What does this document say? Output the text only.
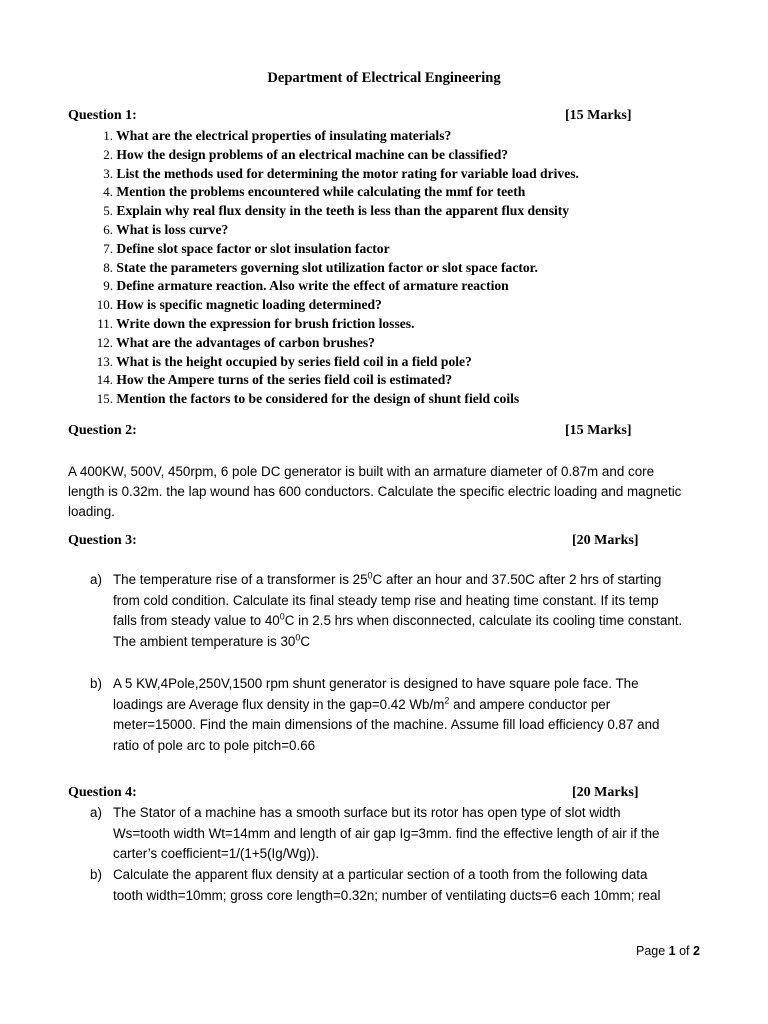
Department of Electrical Engineering
Question 1:	[15 Marks]
1. What are the electrical properties of insulating materials?
2. How the design problems of an electrical machine can be classified?
3. List the methods used for determining the motor rating for variable load drives.
4. Mention the problems encountered while calculating the mmf for teeth
5. Explain why real flux density in the teeth is less than the apparent flux density
6. What is loss curve?
7. Define slot space factor or slot insulation factor
8. State the parameters governing slot utilization factor or slot space factor.
9. Define armature reaction. Also write the effect of armature reaction
10. How is specific magnetic loading determined?
11. Write down the expression for brush friction losses.
12. What are the advantages of carbon brushes?
13. What is the height occupied by series field coil in a field pole?
14. How the Ampere turns of the series field coil is estimated?
15. Mention the factors to be considered for the design of shunt field coils
Question 2:	[15 Marks]
A 400KW, 500V, 450rpm, 6 pole DC generator is built with an armature diameter of 0.87m and core
length is 0.32m. the lap wound has 600 conductors. Calculate the specific electric loading and magnetic
loading.
Question 3:	[20 Marks]
a) The temperature rise of a transformer is $25^0C$ after an hour and 37.50C after 2 hrs of starting
from cold condition. Calculate its final steady temp rise and heating time constant. If its temp
falls from steady value to $40^0C$ in 2.5 hrs when disconnected, calculate its cooling time constant.
The ambient temperature is $30^0C$
b) A 5 KW,4Pole,250V,1500 rpm shunt generator is designed to have square pole face. The
loadings are Average flux density in the gap=0.42 $Wb/m^2$ and ampere conductor per
meter=15000. Find the main dimensions of the machine. Assume fill load efficiency 0.87 and
ratio of pole arc to pole pitch=0.66
Question 4:	[20 Marks]
a) The Stator of a machine has a smooth surface but its rotor has open type of slot width
Ws=tooth width Wt=14mm and length of air gap Ig=3mm. find the effective length of air if the
carter’s coefficient=1/(1+5(Ig/Wg)).
b) Calculate the apparent flux density at a particular section of a tooth from the following data
tooth width=10mm; gross core length=0.32n; number of ventilating ducts=6 each 10mm; real
Page 1 of 2
